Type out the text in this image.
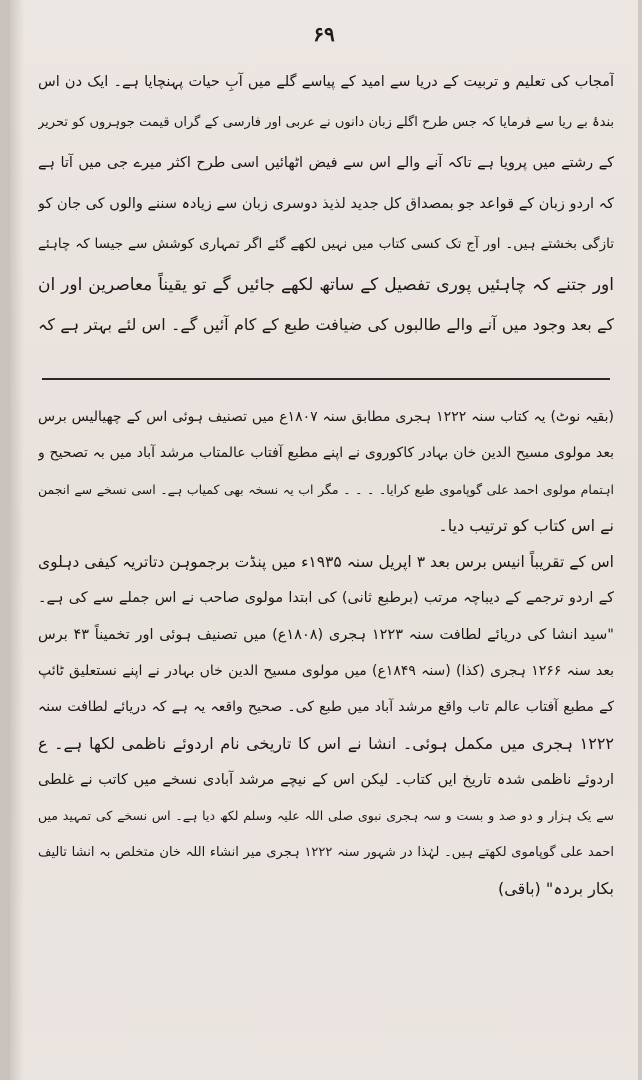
۶۹
آمجاب کی تعلیم و تربیت کے دریا سے امید کے پیاسے گلے میں آبِ حیات پہنچایا ہے۔ ایک دن اس
بندۂ بے ریا سے فرمایا کہ جس طرح اگلے زبان دانوں نے عربی اور فارسی کے گراں قیمت جوہروں کو تحریر
کے رشتے میں پرویا ہے تاکہ آنے والے اس سے فیض اٹھائیں اسی طرح اکثر میرے جی میں آتا ہے
کہ اردو زبان کے قواعد جو بمصداق کل جدید لذیذ دوسری زبان سے زیادہ سننے والوں کی جان کو
تازگی بخشتے ہیں۔ اور آج تک کسی کتاب میں نہیں لکھے گئے اگر تمہاری کوشش سے جیسا کہ چاہئے
اور جتنے کہ چاہئیں پوری تفصیل کے ساتھ لکھے جائیں گے تو یقیناً معاصرین اور ان
کے بعد وجود میں آنے والے طالبوں کی ضیافت طبع کے کام آئیں گے۔ اس لئے بہتر ہے کہ
(بقیہ نوٹ) یہ کتاب سنہ ۱۲۲۲ ہجری مطابق سنہ ۱۸۰۷ع میں تصنیف ہوئی اس کے چھیالیس برس
بعد مولوی مسیح الدین خان بہادر کاکوروی نے اپنے مطبع آفتاب عالمتاب مرشد آباد میں بہ تصحیح و
اہتمام مولوی احمد علی گوپاموی طبع کرایا۔ ۔ ۔ ۔ مگر اب یہ نسخہ بھی کمیاب ہے۔ اسی نسخے سے انجمن
نے اس کتاب کو ترتیب دیا۔
اس کے تقریباً انیس برس بعد ۳ اپریل سنہ ۱۹۳۵ء میں پنڈت برجموہن دتاتریہ کیفی دہلوی
کے اردو ترجمے کے دیباچہ مرتب (برطبع ثانی) کی ابتدا مولوی صاحب نے اس جملے سے کی ہے۔
"سید انشا کی دریائے لطافت سنہ ۱۲۲۳ ہجری (۱۸۰۸ع) میں تصنیف ہوئی اور تخمیناً ۴۳ برس
بعد سنہ ۱۲۶۶ ہجری (کذا) (سنہ ۱۸۴۹ع) میں مولوی مسیح الدین خاں بہادر نے اپنے نستعلیق ٹائپ
کے مطبع آفتاب عالم تاب واقع مرشد آباد میں طبع کی۔ صحیح واقعہ یہ ہے کہ دریائے لطافت سنہ
۱۲۲۲ ہجری میں مکمل ہوئی۔ انشا نے اس کا تاریخی نام اردوئے ناظمی لکھا ہے۔ ع
اردوئے ناظمی شدہ تاریخ ایں کتاب۔ لیکن اس کے نیچے مرشد آبادی نسخے میں کاتب نے غلطی
سے یک ہزار و دو صد و بست و سہ ہجری نبوی صلی اللہ علیہ وسلم لکھ دیا ہے۔ اس نسخے کی تمہید میں
احمد علی گوپاموی لکھتے ہیں۔ لہٰذا در شہور سنہ ۱۲۲۲ ہجری میر انشاء اللہ خان متخلص بہ انشا تالیف
بکار بردہ" (باقی)
